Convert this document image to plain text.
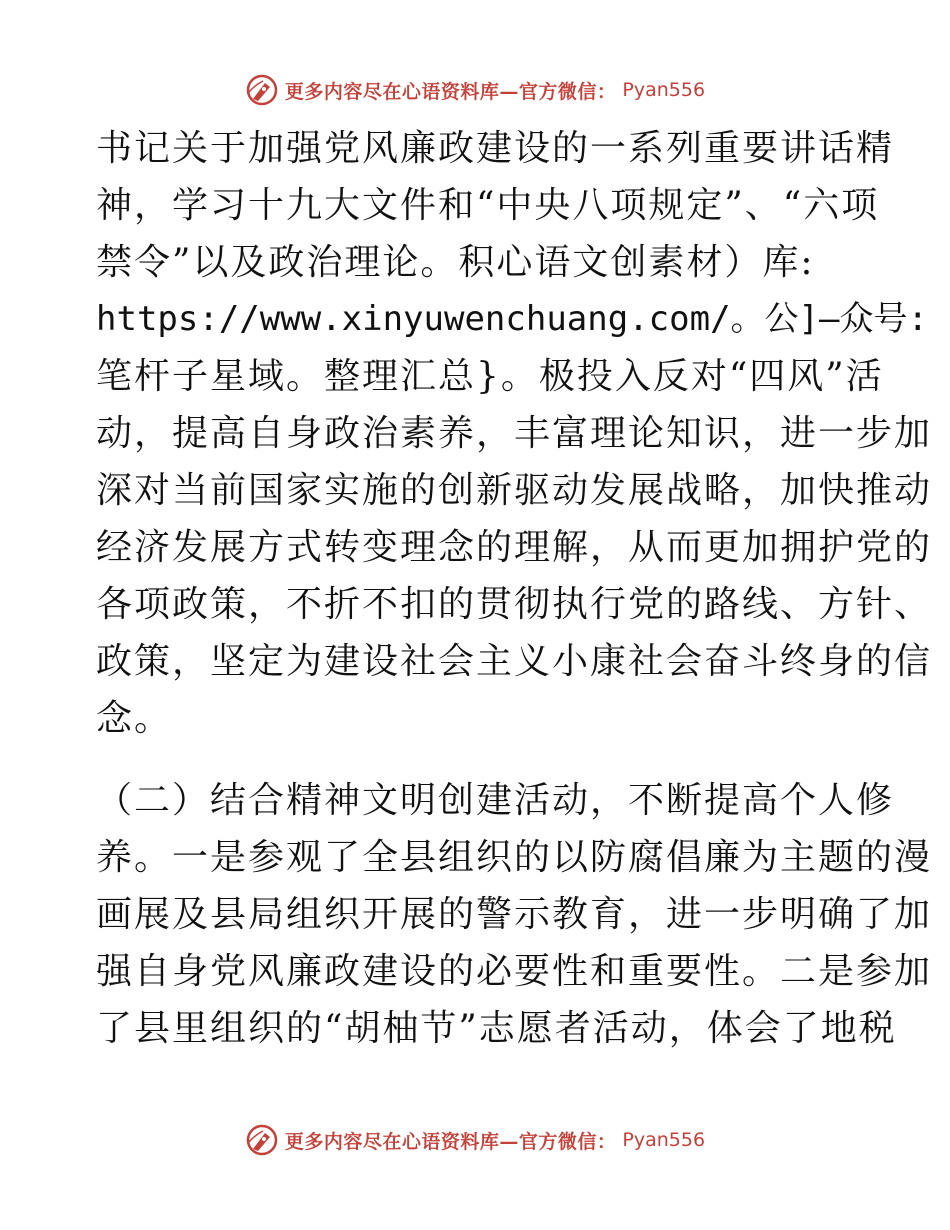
更多内容尽在心语资料库—官方微信： Pyan556
书记关于加强党风廉政建设的一系列重要讲话精
神，学习十九大文件和“中央八项规定”、“六项
禁令”以及政治理论。积心语文创素材）库:
https://www.xinyuwenchuang.com/。公]—众号:
笔杆子星域。整理汇总}。极投入反对“四风”活
动，提高自身政治素养，丰富理论知识，进一步加
深对当前国家实施的创新驱动发展战略，加快推动
经济发展方式转变理念的理解，从而更加拥护党的
各项政策，不折不扣的贯彻执行党的路线、方针、
政策，坚定为建设社会主义小康社会奋斗终身的信
念。
（二）结合精神文明创建活动，不断提高个人修
养。一是参观了全县组织的以防腐倡廉为主题的漫
画展及县局组织开展的警示教育，进一步明确了加
强自身党风廉政建设的必要性和重要性。二是参加
了县里组织的“胡柚节”志愿者活动，体会了地税
更多内容尽在心语资料库—官方微信： Pyan556
